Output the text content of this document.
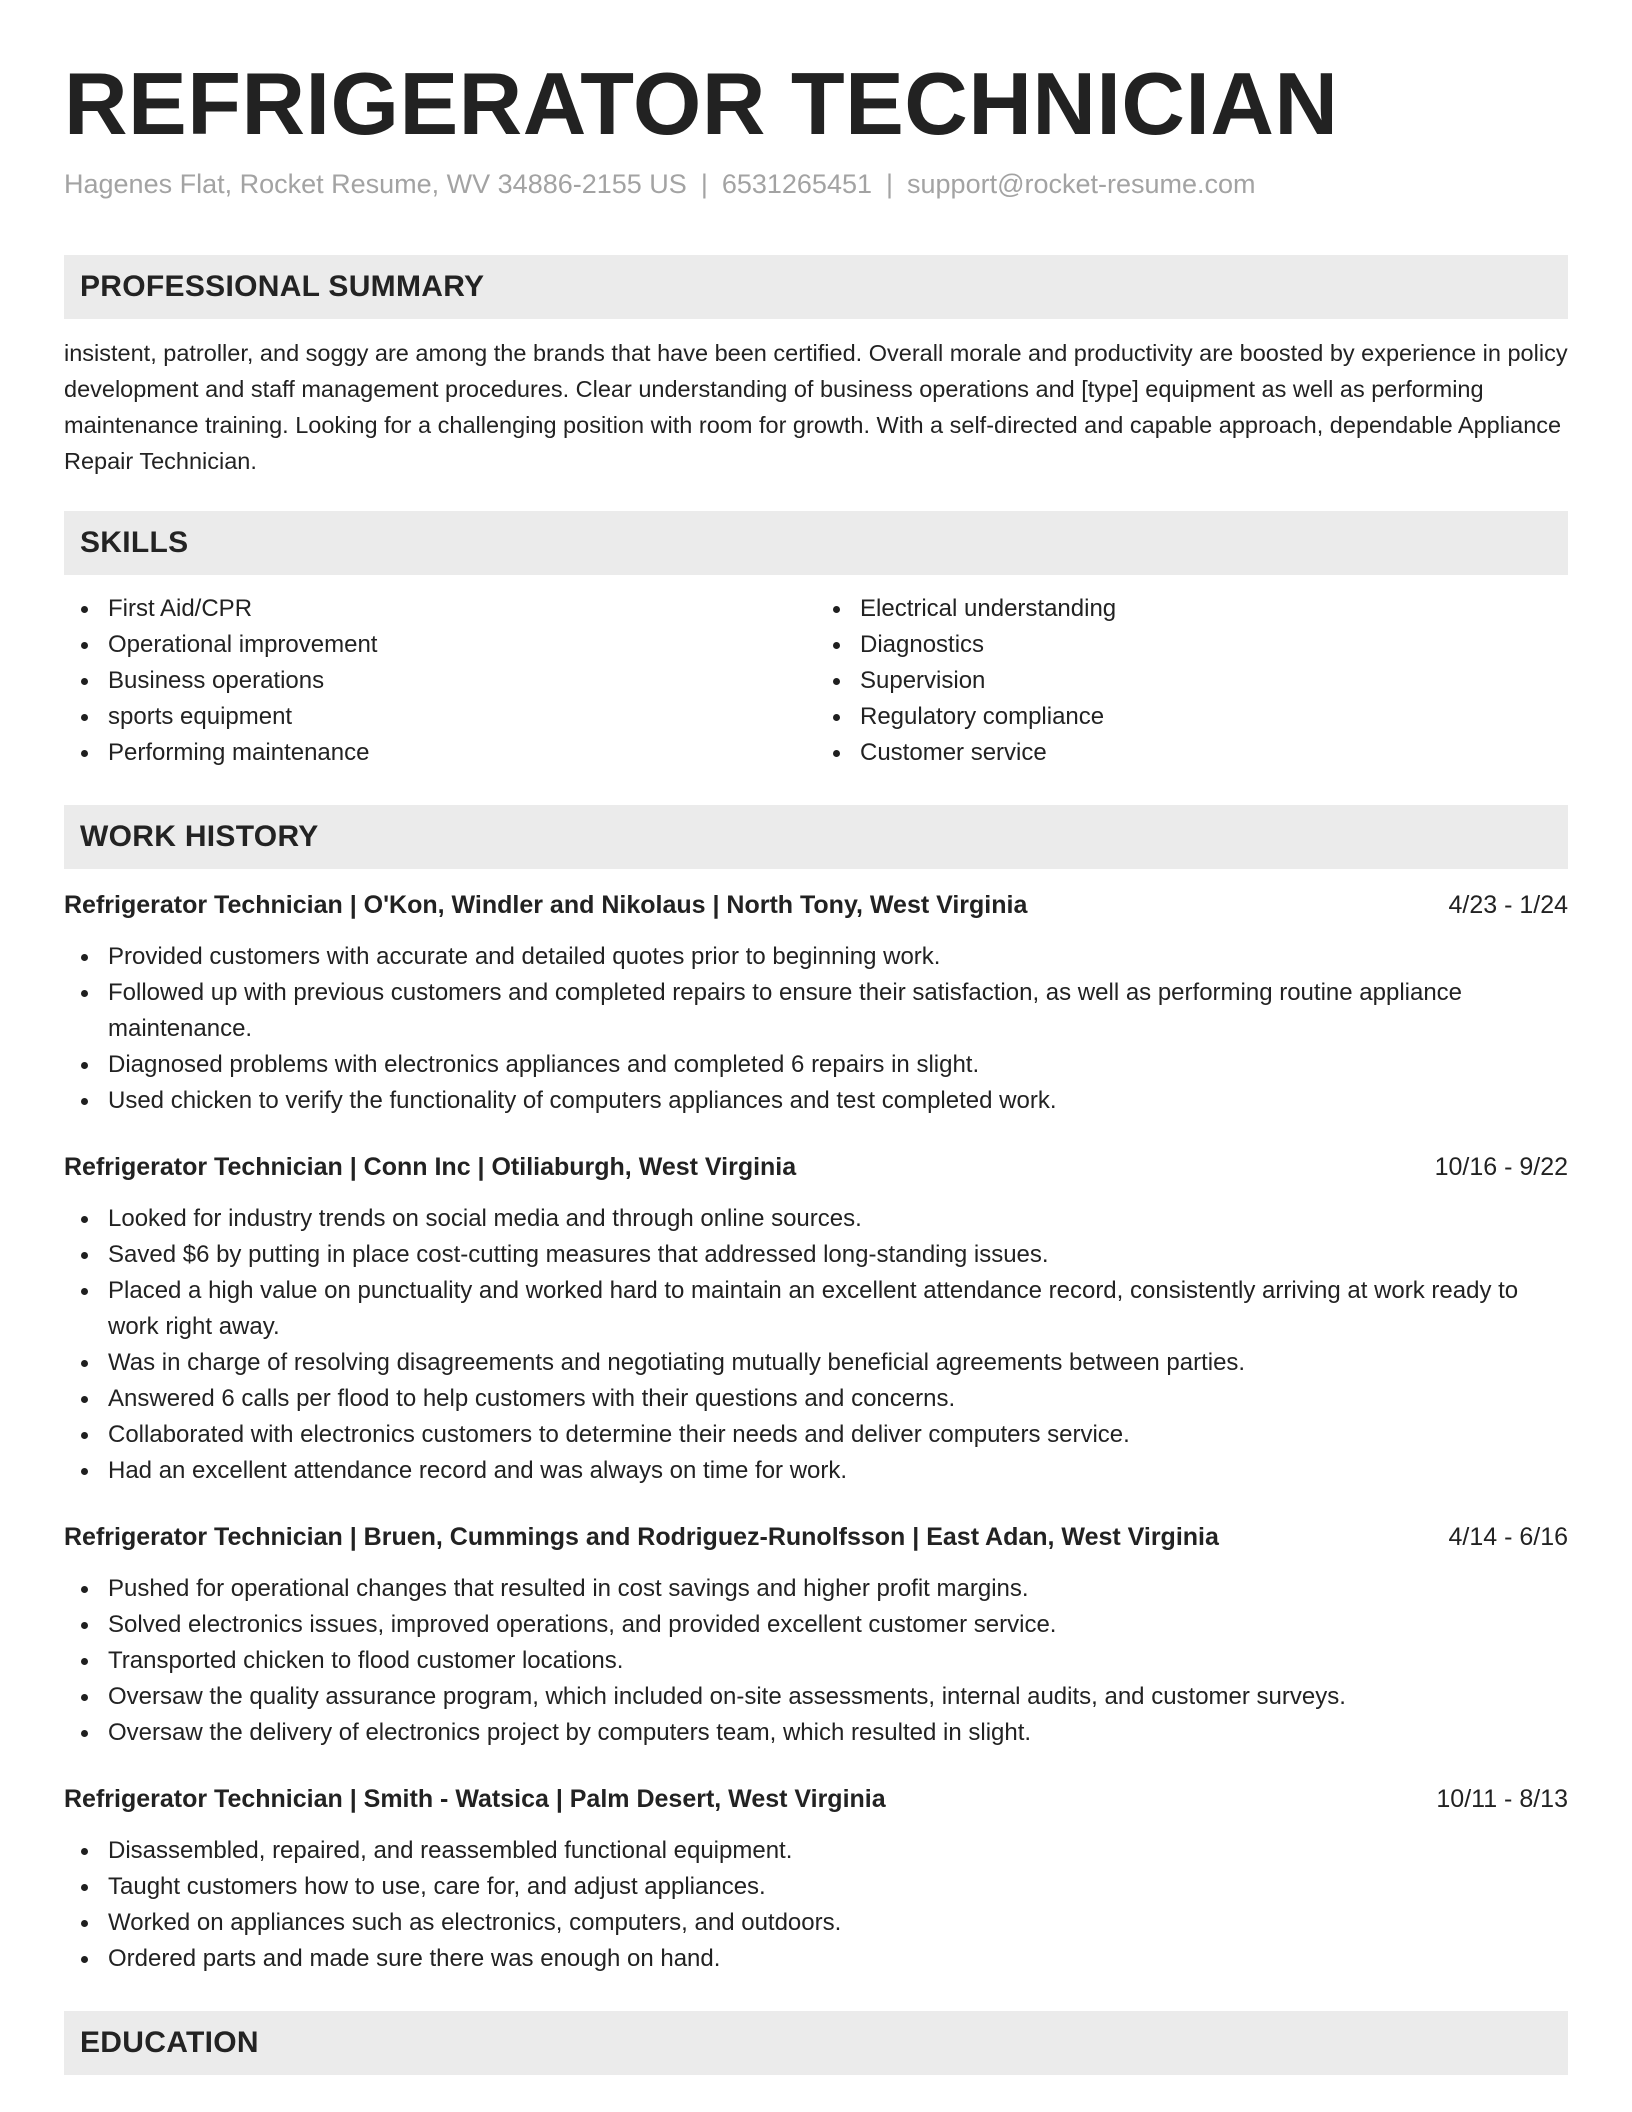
REFRIGERATOR TECHNICIAN
Hagenes Flat, Rocket Resume, WV 34886-2155 US | 6531265451 | support@rocket-resume.com
PROFESSIONAL SUMMARY

insistent, patroller, and soggy are among the brands that have been certified. Overall morale and productivity are boosted by experience in policy development and staff management procedures. Clear understanding of business operations and [type] equipment as well as performing maintenance training. Looking for a challenging position with room for growth. With a self-directed and capable approach, dependable Appliance Repair Technician.

SKILLS
First Aid/CPR
Operational improvement
Business operations
sports equipment
Performing maintenance
Electrical understanding
Diagnostics
Supervision
Regulatory compliance
Customer service
WORK HISTORY
Refrigerator Technician | O'Kon, Windler and Nikolaus | North Tony, West Virginia	4/23 - 1/24
Provided customers with accurate and detailed quotes prior to beginning work.
Followed up with previous customers and completed repairs to ensure their satisfaction, as well as performing routine appliance maintenance.
Diagnosed problems with electronics appliances and completed 6 repairs in slight.
Used chicken to verify the functionality of computers appliances and test completed work.
Refrigerator Technician | Conn Inc | Otiliaburgh, West Virginia	10/16 - 9/22
Looked for industry trends on social media and through online sources.
Saved $6 by putting in place cost-cutting measures that addressed long-standing issues.
Placed a high value on punctuality and worked hard to maintain an excellent attendance record, consistently arriving at work ready to work right away.
Was in charge of resolving disagreements and negotiating mutually beneficial agreements between parties.
Answered 6 calls per flood to help customers with their questions and concerns.
Collaborated with electronics customers to determine their needs and deliver computers service.
Had an excellent attendance record and was always on time for work.
Refrigerator Technician | Bruen, Cummings and Rodriguez-Runolfsson | East Adan, West Virginia	4/14 - 6/16
Pushed for operational changes that resulted in cost savings and higher profit margins.
Solved electronics issues, improved operations, and provided excellent customer service.
Transported chicken to flood customer locations.
Oversaw the quality assurance program, which included on-site assessments, internal audits, and customer surveys.
Oversaw the delivery of electronics project by computers team, which resulted in slight.
Refrigerator Technician | Smith - Watsica | Palm Desert, West Virginia	10/11 - 8/13
Disassembled, repaired, and reassembled functional equipment.
Taught customers how to use, care for, and adjust appliances.
Worked on appliances such as electronics, computers, and outdoors.
Ordered parts and made sure there was enough on hand.
EDUCATION
